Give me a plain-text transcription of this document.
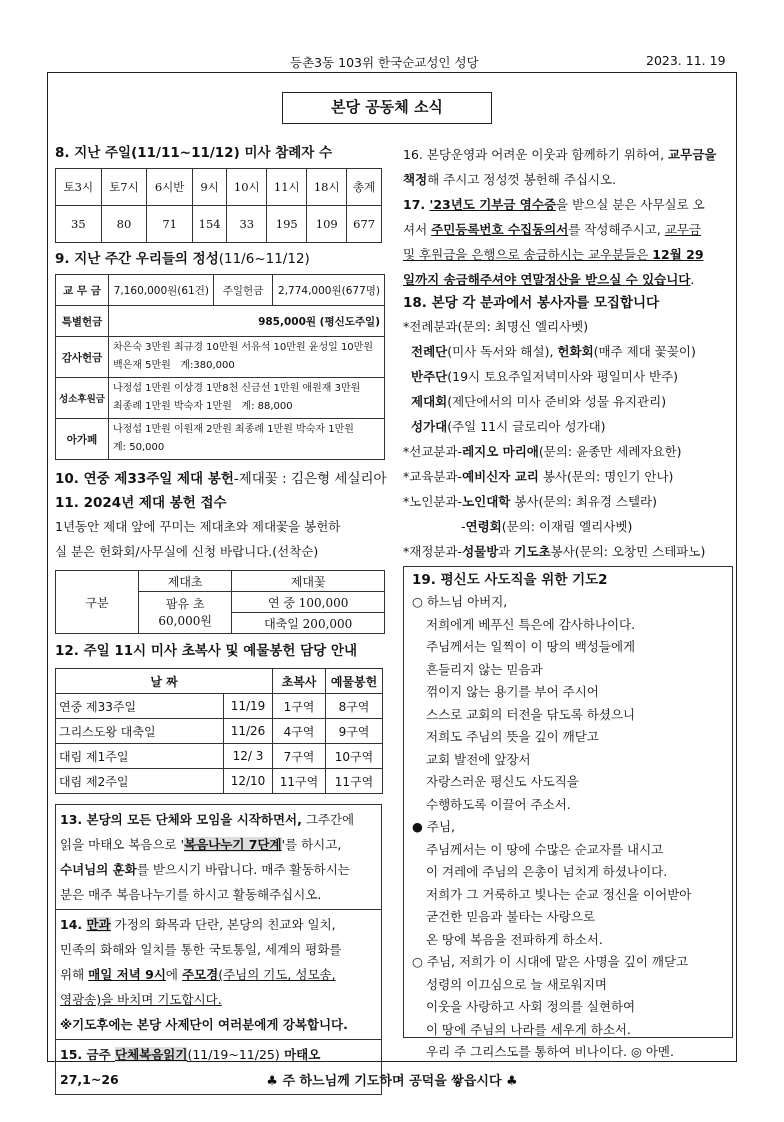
등촌3동 103위 한국순교성인 성당	2023. 11. 19
본당 공동체 소식
8. 지난 주일(11/11~11/12) 미사 참례자 수
토3시	토7시	6시반	9시	10시	11시	18시	총계
35	80	71	154	33	195	109	677
9. 지난 주간 우리들의 정성(11/6~11/12)
교 무 금	7,160,000원(61건)	주일헌금	2,774,000원(677명)
특별헌금	985,000원 (평신도주일)		
감사헌금	차은숙 3만원 최규경 10만원 서유석 10만원 윤성일 10만원
백은재 5만원 계:380,000		

성소후원금	나정섭 1만원 이상경 1만8천 신금선 1만원 애원재 3만원
최종례 1만원 박숙자 1만원 계: 88,000		

아가페	나정섭 1만원 이원재 2만원 최종례 1만원 박숙자 1만원
계: 50,000		
10. 연중 제33주일 제대 봉헌-제대꽃 : 김은형 세실리아
11. 2024년 제대 봉헌 접수
1년동안 제대 앞에 꾸미는 제대초와 제대꽃을 봉헌하
실 분은 헌화회/사무실에 신청 바랍니다.(선착순)
구분	제대초	제대꽃

	팜유 초
60,000원	연 중 100,000
		대축일 200,000
12. 주일 11시 미사 초복사 및 예물봉헌 담당 안내
날 짜		초복사	예물봉헌
연중 제33주일	11/19	1구역	8구역
그리스도왕 대축일	11/26	4구역	9구역
대림 제1주일	12/ 3	7구역	10구역
대림 제2주일	12/10	11구역	11구역
13. 본당의 모든 단체와 모임을 시작하면서, 그주간에
읽을 마태오 복음으로 '복음나누기 7단계'를 하시고,
수녀님의 훈화를 받으시기 바랍니다. 매주 활동하시는
분은 매주 복음나누기를 하시고 활동해주십시오.
14. 만과 가정의 화목과 단란, 본당의 친교와 일치,
민족의 화해와 일치를 통한 국토통일, 세계의 평화를
위해 매일 저녁 9시에 주모경(주님의 기도, 성모송,
영광송)을 바치며 기도합시다.
※기도후에는 본당 사제단이 여러분에게 강복합니다.
15. 금주 단체복음읽기(11/19~11/25) 마태오 27,1~26
16. 본당운영과 어려운 이웃과 함께하기 위하여, 교무금을
책정해 주시고 정성껏 봉헌해 주십시오.
17. '23년도 기부금 영수증을 받으실 분은 사무실로 오
셔서 주민등록번호 수집동의서를 작성해주시고, 교무금
및 후원금을 은행으로 송금하시는 교우분들은 12월 29
일까지 송금해주셔야 연말정산을 받으실 수 있습니다.
18. 본당 각 분과에서 봉사자를 모집합니다
*전례분과(문의: 최명신 엘리사벳)
전례단(미사 독서와 해설), 헌화회(매주 제대 꽃꽂이)
반주단(19시 토요주일저녁미사와 평일미사 반주)
제대회(제단에서의 미사 준비와 성물 유지관리)
성가대(주일 11시 글로리아 성가대)
*선교분과-레지오 마리애(문의: 윤종만 세례자요한)
*교육분과-예비신자 교리 봉사(문의: 명인기 안나)
*노인분과-노인대학 봉사(문의: 최유경 스텔라)
-연령회(문의: 이재림 엘리사벳)
*재정분과-성물방과 기도초봉사(문의: 오창민 스테파노)
19. 평신도 사도직을 위한 기도2
○ 하느님 아버지,
저희에게 베푸신 특은에 감사하나이다.
주님께서는 일찍이 이 땅의 백성들에게
흔들리지 않는 믿음과
꺾이지 않는 용기를 부어 주시어
스스로 교회의 터전을 닦도록 하셨으니
저희도 주님의 뜻을 깊이 깨닫고
교회 발전에 앞장서
자랑스러운 평신도 사도직을
수행하도록 이끌어 주소서.
● 주님,
주님께서는 이 땅에 수많은 순교자를 내시고
이 겨레에 주님의 은총이 넘치게 하셨나이다.
저희가 그 거룩하고 빛나는 순교 정신을 이어받아
굳건한 믿음과 불타는 사랑으로
온 땅에 복음을 전파하게 하소서.
○ 주님, 저희가 이 시대에 맡은 사명을 깊이 깨닫고
성령의 이끄심으로 늘 새로워지며
이웃을 사랑하고 사회 정의를 실현하여
이 땅에 주님의 나라를 세우게 하소서.
우리 주 그리스도를 통하여 비나이다. ◎ 아멘.
♣ 주 하느님께 기도하며 공덕을 쌓읍시다 ♣
